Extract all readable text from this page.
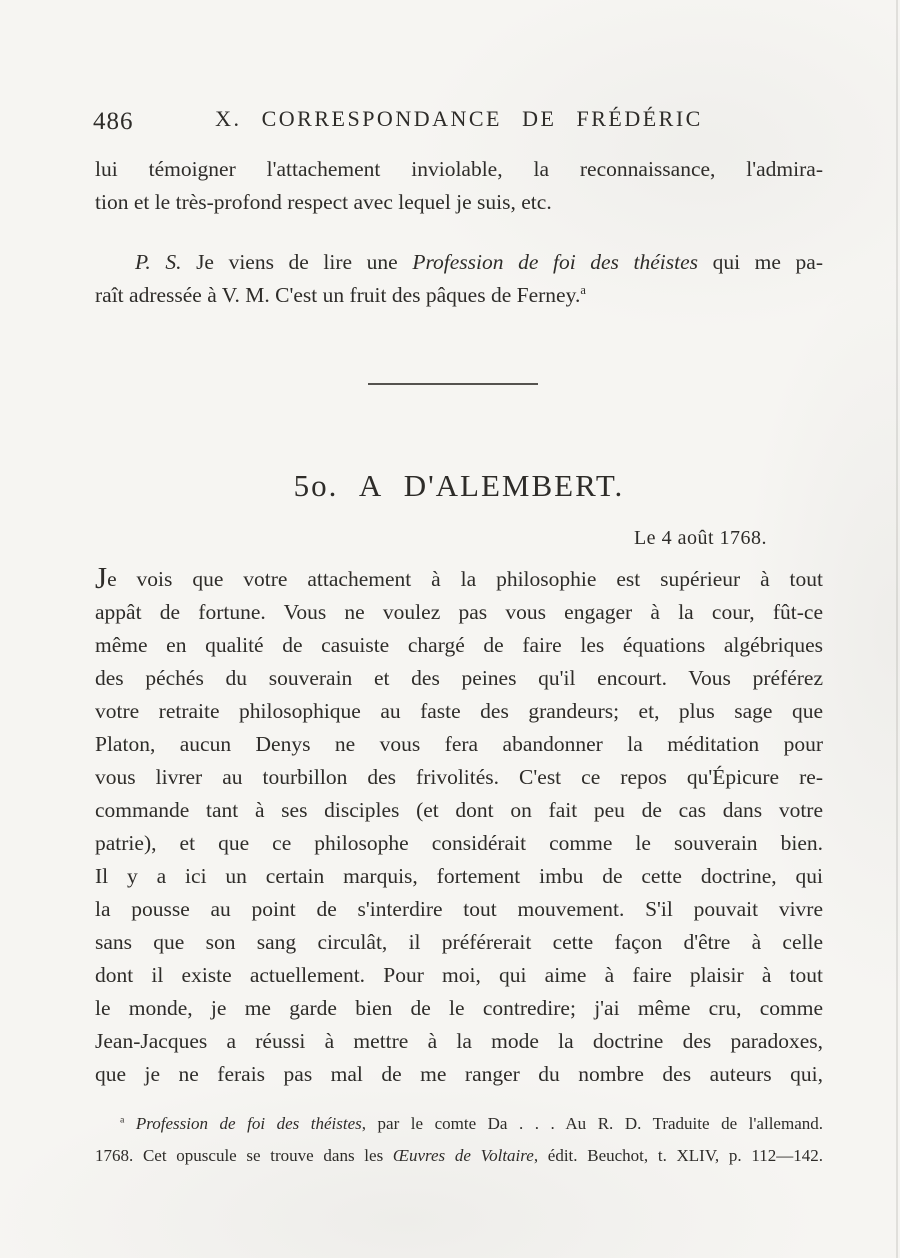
486	X. CORRESPONDANCE DE FRÉDÉRIC
lui témoigner l'attachement inviolable, la reconnaissance, l'admira-
tion et le très-profond respect avec lequel je suis, etc.
P. S. Je viens de lire une Profession de foi des théistes qui me pa-
raît adressée à V. M. C'est un fruit des pâques de Ferney.$^a$
5o. A D'ALEMBERT.
Le 4 août 1768.
Je vois que votre attachement à la philosophie est supérieur à tout
appât de fortune. Vous ne voulez pas vous engager à la cour, fût-ce
même en qualité de casuiste chargé de faire les équations algébriques
des péchés du souverain et des peines qu'il encourt. Vous préférez
votre retraite philosophique au faste des grandeurs; et, plus sage que
Platon, aucun Denys ne vous fera abandonner la méditation pour
vous livrer au tourbillon des frivolités. C'est ce repos qu'Épicure re-
commande tant à ses disciples (et dont on fait peu de cas dans votre
patrie), et que ce philosophe considérait comme le souverain bien.
Il y a ici un certain marquis, fortement imbu de cette doctrine, qui
la pousse au point de s'interdire tout mouvement. S'il pouvait vivre
sans que son sang circulât, il préférerait cette façon d'être à celle
dont il existe actuellement. Pour moi, qui aime à faire plaisir à tout
le monde, je me garde bien de le contredire; j'ai même cru, comme
Jean-Jacques a réussi à mettre à la mode la doctrine des paradoxes,
que je ne ferais pas mal de me ranger du nombre des auteurs qui,
$^a$ Profession de foi des théistes, par le comte Da . . . Au R. D. Traduite de l'allemand.
1768. Cet opuscule se trouve dans les Œuvres de Voltaire, édit. Beuchot, t. XLIV, p. 112—142.
